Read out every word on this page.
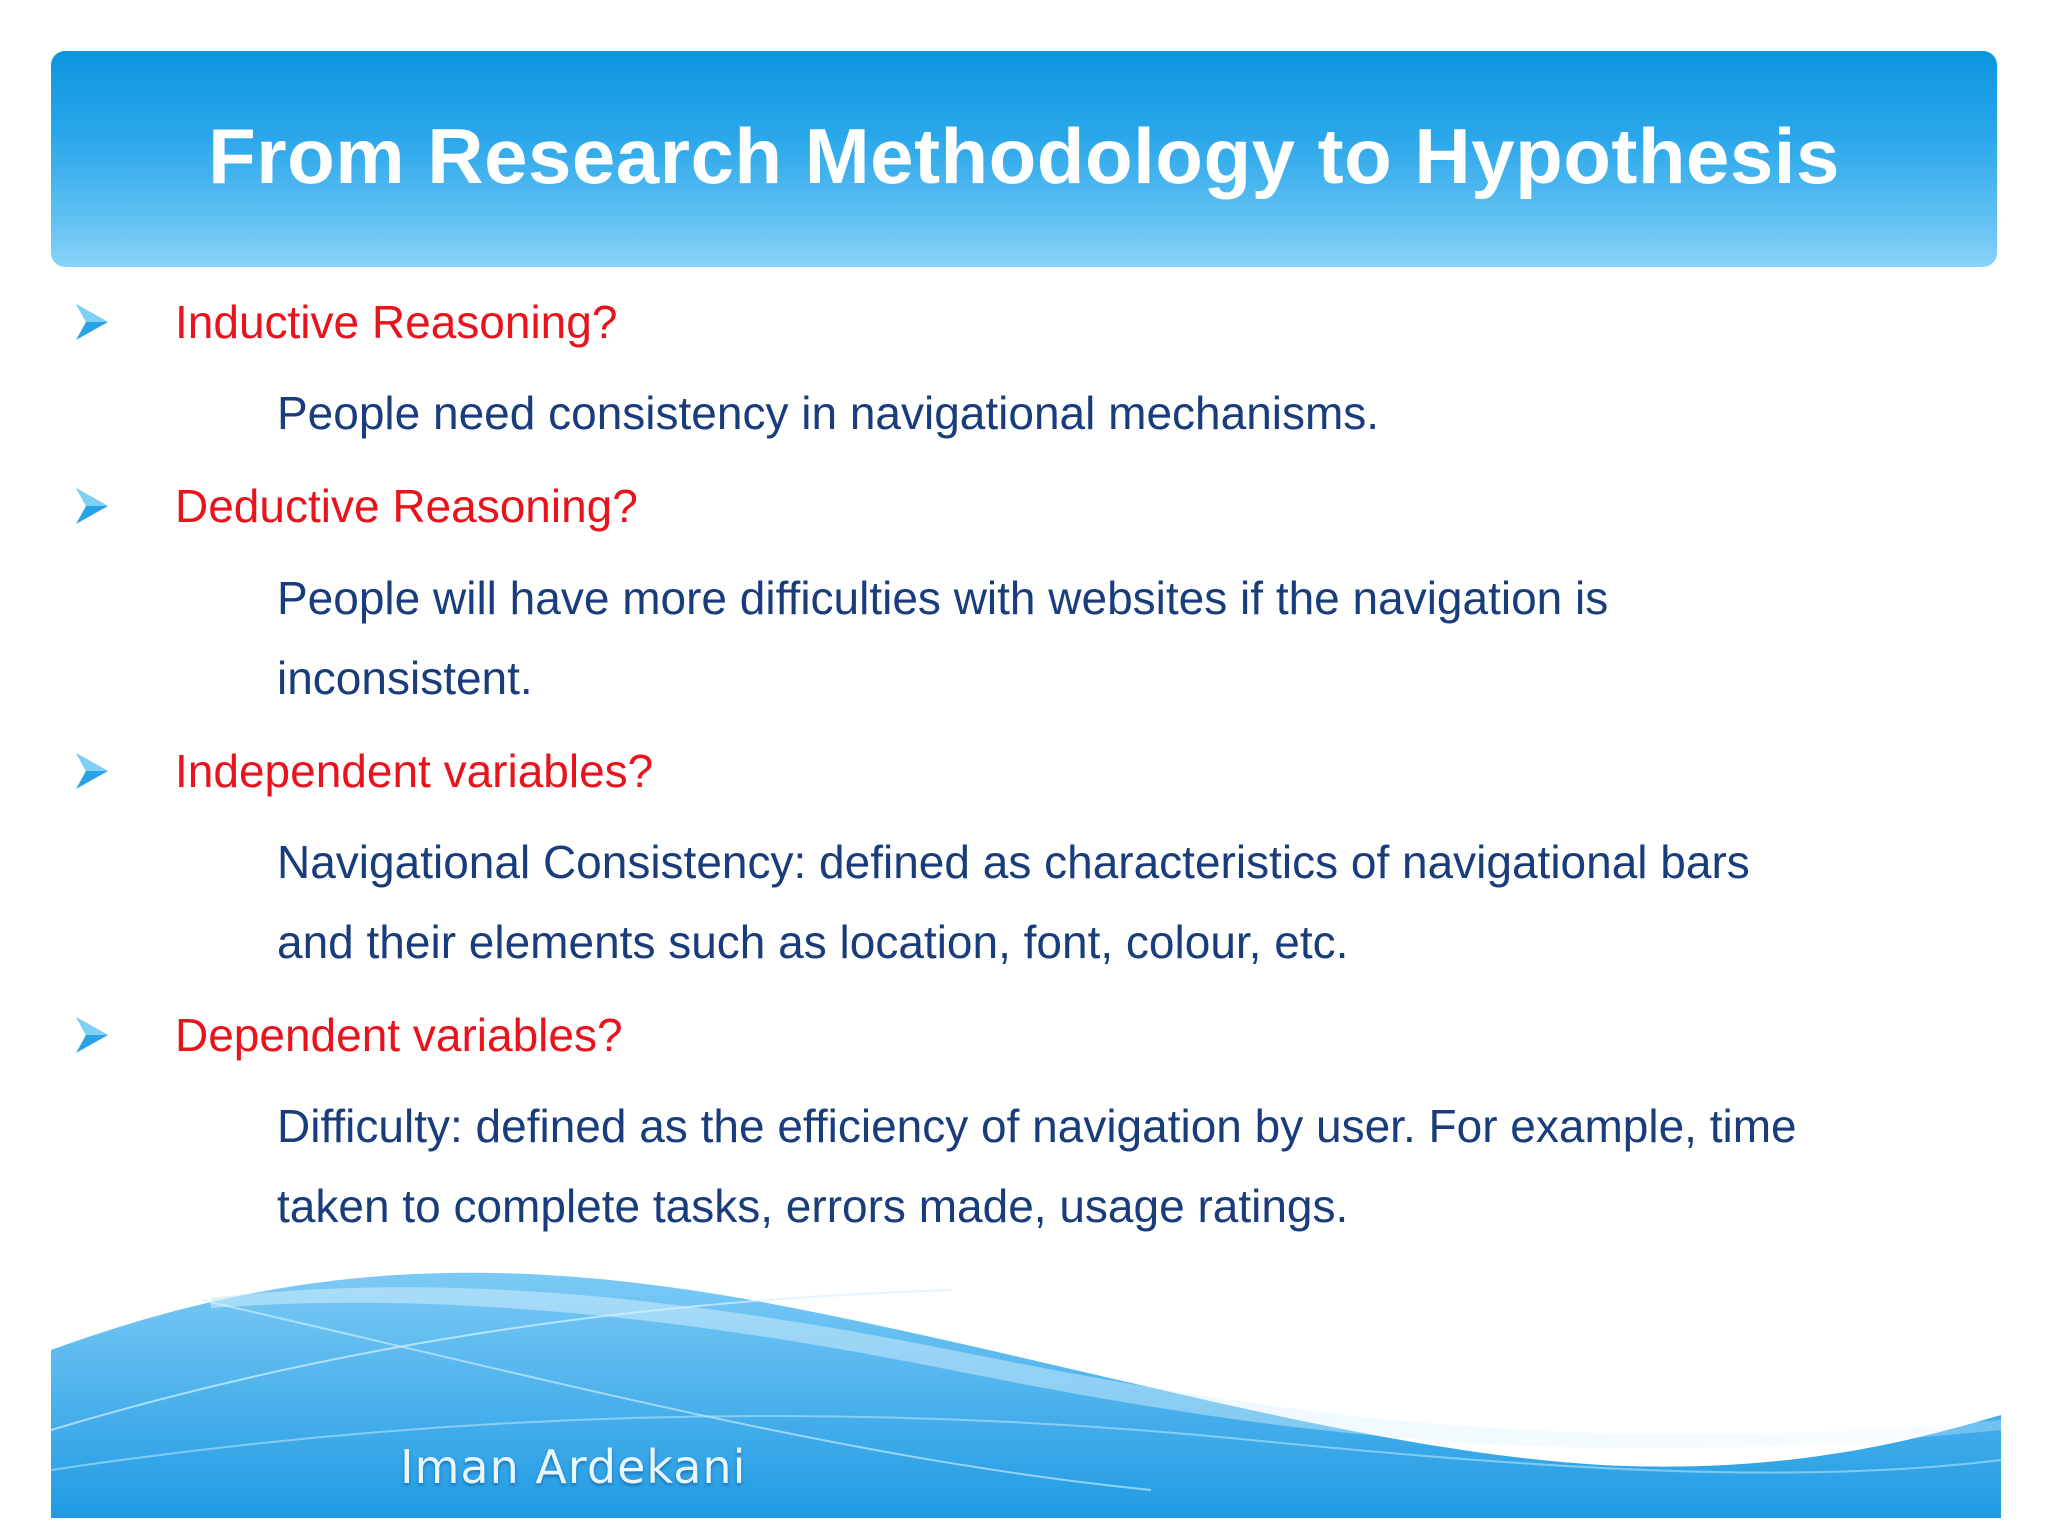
From Research Methodology to Hypothesis
Inductive Reasoning?
People need consistency in navigational mechanisms.
Deductive Reasoning?
People will have more difficulties with websites if the navigation is
inconsistent.
Independent variables?
Navigational Consistency: defined as characteristics of navigational bars
and their elements such as location, font, colour, etc.
Dependent variables?
Difficulty: defined as the efficiency of navigation by user. For example, time
taken to complete tasks, errors made, usage ratings.
Iman Ardekani
